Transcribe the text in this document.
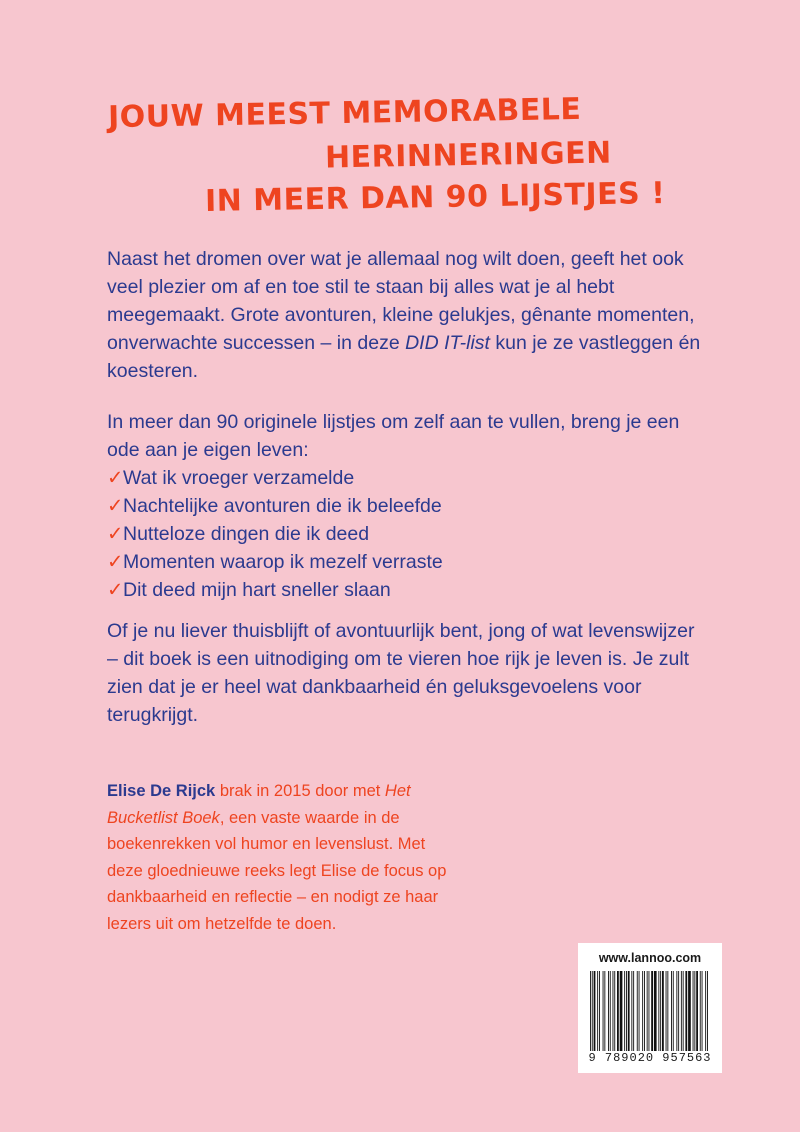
JOUW MEEST MEMORABELE
HERINNERINGEN
IN MEER DAN 90 LIJSTJES !

Naast het dromen over wat je allemaal nog wilt doen, geeft het ook veel plezier om af en toe stil te staan bij alles wat je al hebt meegemaakt. Grote avonturen, kleine gelukjes, gênante momenten, onverwachte successen – in deze DID IT-list kun je ze vastleggen én koesteren.

In meer dan 90 originele lijstjes om zelf aan te vullen, breng je een ode aan je eigen leven:

✓ Wat ik vroeger verzamelde
✓ Nachtelijke avonturen die ik beleefde
✓ Nutteloze dingen die ik deed
✓ Momenten waarop ik mezelf verraste
✓ Dit deed mijn hart sneller slaan

Of je nu liever thuisblijft of avontuurlijk bent, jong of wat levenswijzer – dit boek is een uitnodiging om te vieren hoe rijk je leven is. Je zult zien dat je er heel wat dankbaarheid én geluksgevoelens voor terugkrijgt.

Elise De Rijck brak in 2015 door met Het Bucketlist Boek, een vaste waarde in de boekenrekken vol humor en levenslust. Met deze gloednieuwe reeks legt Elise de focus op dankbaarheid en reflectie – en nodigt ze haar lezers uit om hetzelfde te doen.
www.lannoo.com
9 789020 957563
